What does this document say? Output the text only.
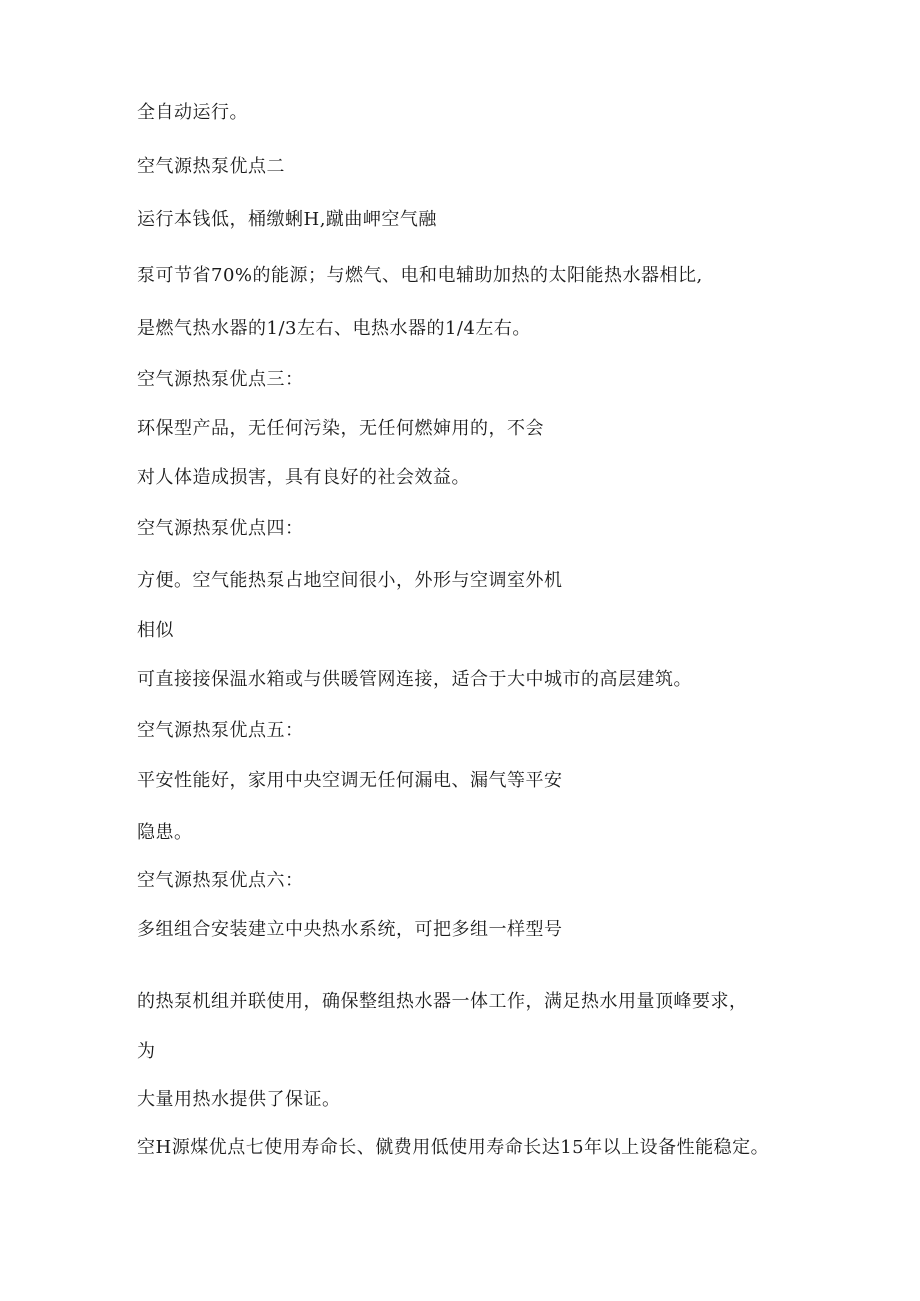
全自动运行。

空气源热泵优点二

运行本钱低，桶缴蜊H,蹴曲岬空气融

泵可节省70%的能源；与燃气、电和电辅助加热的太阳能热水器相比,

是燃气热水器的1/3左右、电热水器的1/4左右。

空气源热泵优点三：

环保型产品，无任何污染，无任何燃婶用的，不会

对人体造成损害，具有良好的社会效益。

空气源热泵优点四：

方便。空气能热泵占地空间很小，外形与空调室外机

相似

可直接接保温水箱或与供暖管网连接，适合于大中城市的高层建筑。

空气源热泵优点五：

平安性能好，家用中央空调无任何漏电、漏气等平安

隐患。

空气源热泵优点六：

多组组合安装建立中央热水系统，可把多组一样型号

的热泵机组并联使用，确保整组热水器一体工作，满足热水用量顶峰要求，

为

大量用热水提供了保证。

空H源煤优点七使用寿命长、僦费用低使用寿命长达15年以上设备性能稳定。
